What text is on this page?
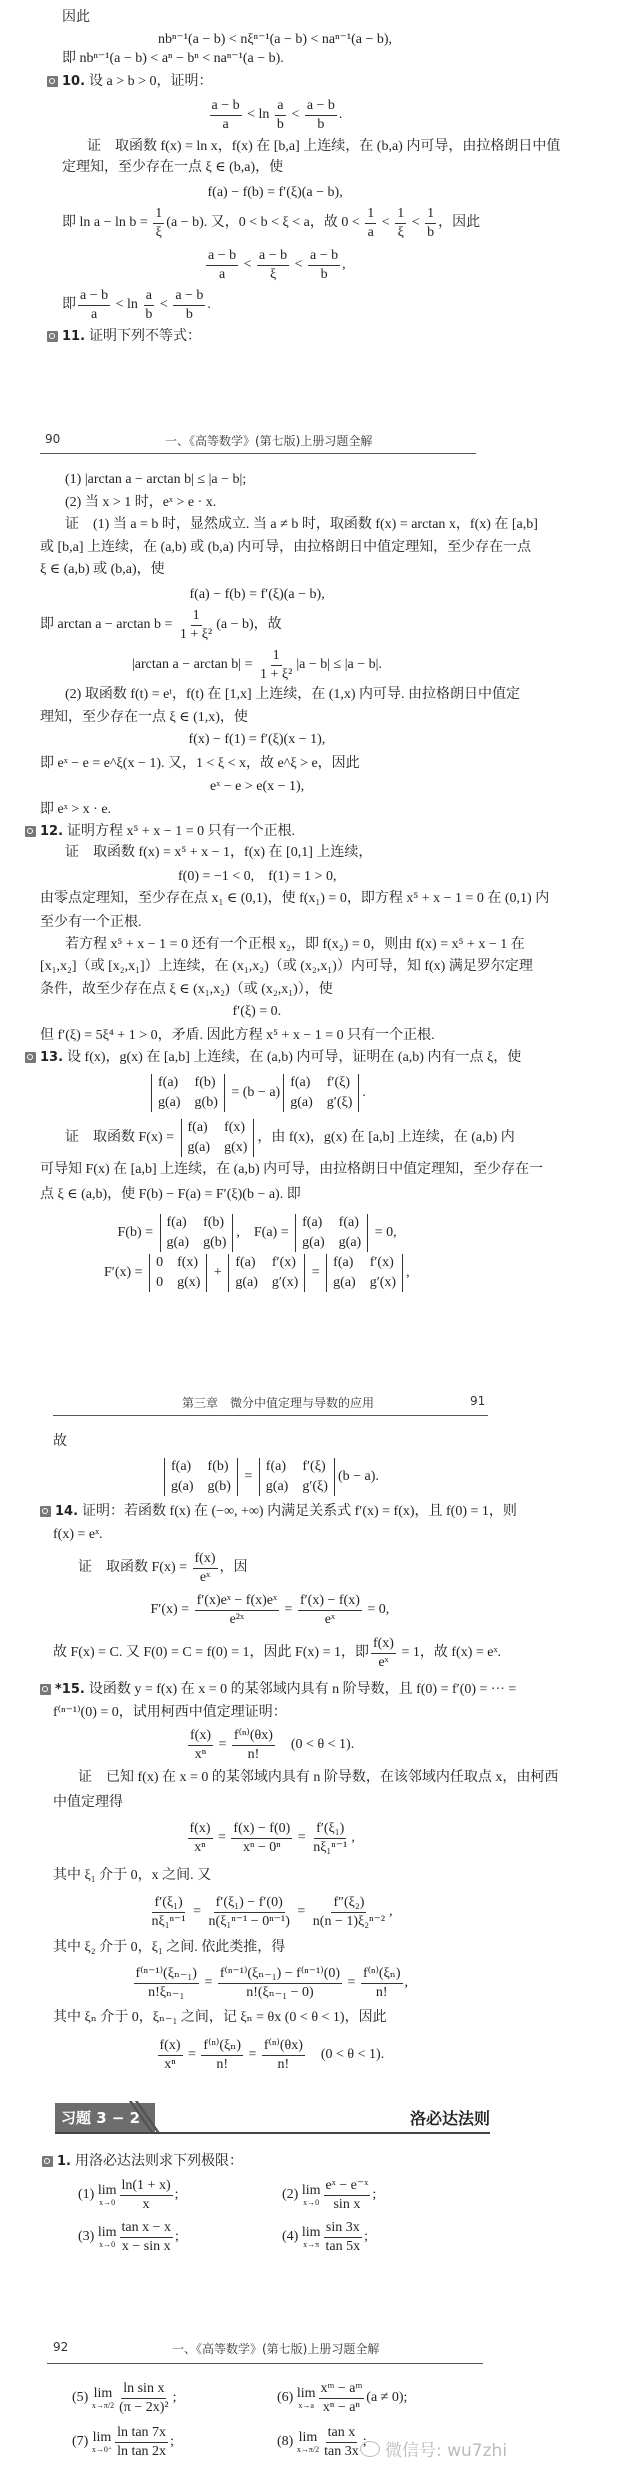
90	一、《高等数学》(第七版)上册习题全解
第三章　微分中值定理与导数的应用	91
92	一、《高等数学》(第七版)上册习题全解
习题 3 − 2	洛必达法则
微信号: wu7zhi
因此
nbⁿ⁻¹(a − b) < nξⁿ⁻¹(a − b) < naⁿ⁻¹(a − b),
即 nbⁿ⁻¹(a − b) < aⁿ − bⁿ < naⁿ⁻¹(a − b).
10. 设 a > b > 0，证明：
$\frac{a - b}{a} < \ln \frac{a}{b} < \frac{a - b}{b}$ .
证　取函数 f(x) = ln x，f(x) 在 [b,a] 上连续，在 (b,a) 内可导，由拉格朗日中值
定理知，至少存在一点 ξ ∈ (b,a)，使
f(a) − f(b) = f′(ξ)(a − b),
即 $\ln a - \ln b = \frac{1}{\xi} (a - b)$. 又，0 < b < ξ < a，故 $0 < \frac{1}{a} < \frac{1}{\xi} < \frac{1}{b}$ ，因此
$\frac{a - b}{a} < \frac{a - b}{\xi} < \frac{a - b}{b}$ ,
即 $\frac{a - b}{a} < \ln \frac{a}{b} < \frac{a - b}{b}$ .
11. 证明下列不等式：
(1) |arctan a − arctan b| ≤ |a − b|;
(2) 当 x > 1 时，eˣ > e · x.
证　(1) 当 a = b 时，显然成立. 当 a ≠ b 时，取函数 f(x) = arctan x，f(x) 在 [a,b]
或 [b,a] 上连续，在 (a,b) 或 (b,a) 内可导，由拉格朗日中值定理知，至少存在一点
ξ ∈ (a,b) 或 (b,a)，使
f(a) − f(b) = f′(ξ)(a − b),
即 $\arctan a - \arctan b = \frac{1}{\text{1 + ξ²}} (a - b)$，故
|arctan $a - \arctan b| = \frac{1}{\text{1 + ξ²}} |a - b| \le |a - b|$.
(2) 取函数 f(t) = eᵗ，f(t) 在 [1,x] 上连续，在 (1,x) 内可导. 由拉格朗日中值定
理知，至少存在一点 ξ ∈ (1,x)，使
f(x) − f(1) = f′(ξ)(x − 1),
即 eˣ − e = e^ξ(x − 1). 又，1 < ξ < x，故 e^ξ > e，因此
eˣ − e > e(x − 1),
即 eˣ > x · e.
12. 证明方程 x⁵ + x − 1 = 0 只有一个正根.
证　取函数 f(x) = x⁵ + x − 1，f(x) 在 [0,1] 上连续，
f(0) = −1 < 0,　f(1) = 1 > 0,
由零点定理知，至少存在点 x₁ ∈ (0,1)，使 f(x₁) = 0，即方程 x⁵ + x − 1 = 0 在 (0,1) 内
至少有一个正根.
若方程 x⁵ + x − 1 = 0 还有一个正根 x₂，即 f(x₂) = 0，则由 f(x) = x⁵ + x − 1 在
[x₁,x₂]（或 [x₂,x₁]）上连续，在 (x₁,x₂)（或 (x₂,x₁)）内可导，知 f(x) 满足罗尔定理
条件，故至少存在点 ξ ∈ (x₁,x₂)（或 (x₂,x₁)），使
f′(ξ) = 0.
但 f′(ξ) = 5ξ⁴ + 1 > 0，矛盾. 因此方程 x⁵ + x − 1 = 0 只有一个正根.
13. 设 f(x)，g(x) 在 [a,b] 上连续，在 (a,b) 内可导，证明在 (a,b) 内有一点 ξ，使
f(a) f(b)
g(a) g(b)
= (b − a)
f(a) f′(ξ)
g(a) g′(ξ)
.
证　取函数 F(x) =
f(a) f(x)
g(a) g(x)
，由 f(x)，g(x) 在 [a,b] 上连续，在 (a,b) 内
可导知 F(x) 在 [a,b] 上连续，在 (a,b) 内可导，由拉格朗日中值定理知，至少存在一
点 ξ ∈ (a,b)，使 F(b) − F(a) = F′(ξ)(b − a). 即
F(b) =
f(a) f(b)
g(a) g(b)
,　F(a) =
f(a) f(a)
g(a) g(a)
= 0,
F′(x) =
0 f(x)
0 g(x)
+
f(a) f′(x)
g(a) g′(x)
=
f(a) f′(x)
g(a) g′(x)
,
故
f(a) f(b)
g(a) g(b)
=
f(a) f′(ξ)
g(a) g′(ξ)
(b − a).
14. 证明：若函数 f(x) 在 (−∞, +∞) 内满足关系式 f′(x) = f(x)，且 f(0) = 1，则
f(x) = eˣ.
证　取函数 $F(x) = \frac{f(x)}{\text{eˣ}}$ ，因
$F'(x) = \frac{\text{f′(x)eˣ − f(x)eˣ}}{\text{e²ˣ}} = \frac{f'(x) - f(x)}{\text{eˣ}} = 0$,
故 F(x) = C. 又 F(0) = C = f(0) = 1，因此 F(x) = 1，即 $\frac{f(x)}{\text{eˣ}} = 1$，故 f(x) = eˣ.
*15. 设函数 y = f(x) 在 x = 0 的某邻域内具有 n 阶导数，且 f(0) = f′(0) = ··· =
f⁽ⁿ⁻¹⁾(0) = 0，试用柯西中值定理证明：
$\frac{f(x)}{\text{xⁿ}} = \frac{\text{f⁽ⁿ⁾(θx)}}{n!}$ 　(0 < θ < 1).
证　已知 f(x) 在 x = 0 的某邻域内具有 n 阶导数，在该邻域内任取点 x，由柯西
中值定理得
$\frac{f(x)}{\text{xⁿ}} = \frac{f(x) - f(0)}{\text{xⁿ − 0ⁿ}} = \frac{\text{f′(ξ₁)}}{\text{nξ₁ⁿ⁻¹}}$ ,
其中 ξ₁ 介于 0，x 之间. 又
$\frac{\text{f′(ξ₁)}}{\text{nξ₁ⁿ⁻¹}} = \frac{\text{f′(ξ₁) − f′(0)}}{\text{n(ξ₁ⁿ⁻¹ − 0ⁿ⁻¹)}} = \frac{\text{f″(ξ₂)}}{\text{n(n − 1)ξ₂ⁿ⁻²}}$ ,
其中 ξ₂ 介于 0，ξ₁ 之间. 依此类推，得
$\frac{\text{f⁽ⁿ⁻¹⁾(ξₙ₋₁)}}{\text{n!ξₙ₋₁}} = \frac{\text{f⁽ⁿ⁻¹⁾(ξₙ₋₁) − f⁽ⁿ⁻¹⁾(0)}}{\text{n!(ξₙ₋₁ − 0)}} = \frac{\text{f⁽ⁿ⁾(ξₙ)}}{n!}$ ,
其中 ξₙ 介于 0，ξₙ₋₁ 之间，记 ξₙ = θx (0 < θ < 1)，因此
$\frac{f(x)}{\text{xⁿ}} = \frac{\text{f⁽ⁿ⁾(ξₙ)}}{n!} = \frac{\text{f⁽ⁿ⁾(θx)}}{n!}$ 　(0 < θ < 1).
1. 用洛必达法则求下列极限：
(1) lim
$x\to 0 \frac{\ln(1 + x)}{x}$ ;	(2) lim
$x\to 0 \frac{\text{eˣ − e⁻ˣ}}{\text{sin x}}$ ;
(3) lim
$x\to 0 \frac{\text{tan x − x}}{\text{x − sin x}}$ ;	(4) lim
$x\to\pi \frac{\sin 3x}{\tan 5x}$ ;
(5) lim
$x\to\pi/2 \frac{\text{ln sin x}}{\text{(π − 2x)²}}$ ;	(6) lim
$x\to a \frac{\text{xᵐ − aᵐ}}{\text{xⁿ − aⁿ}} (a \ne 0)$;
(7) lim
$x\to 0^+ \frac{\text{ln tan 7x}}{\text{ln tan 2x}}$ ;	(8) lim
$x\to\pi/2 \frac{\text{tan x}}{\tan 3x}$ ;
